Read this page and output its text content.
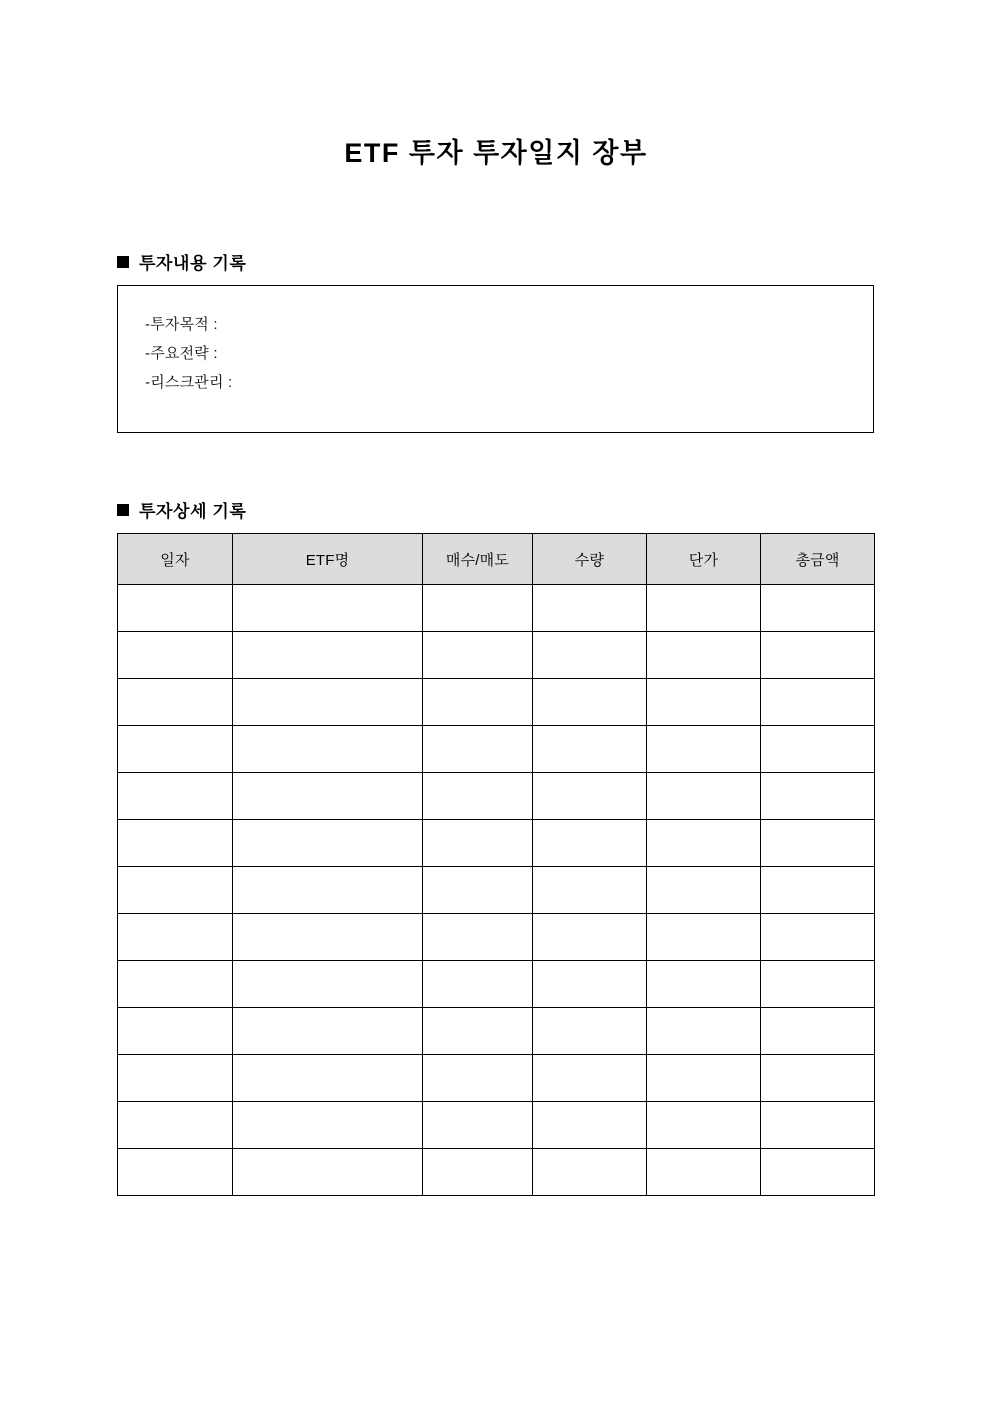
ETF 투자 투자일지 장부
투자내용 기록
-투자목적 :
-주요전략 :
-리스크관리 :
투자상세 기록
일자	ETF명	매수/매도	수량	단가	총금액
